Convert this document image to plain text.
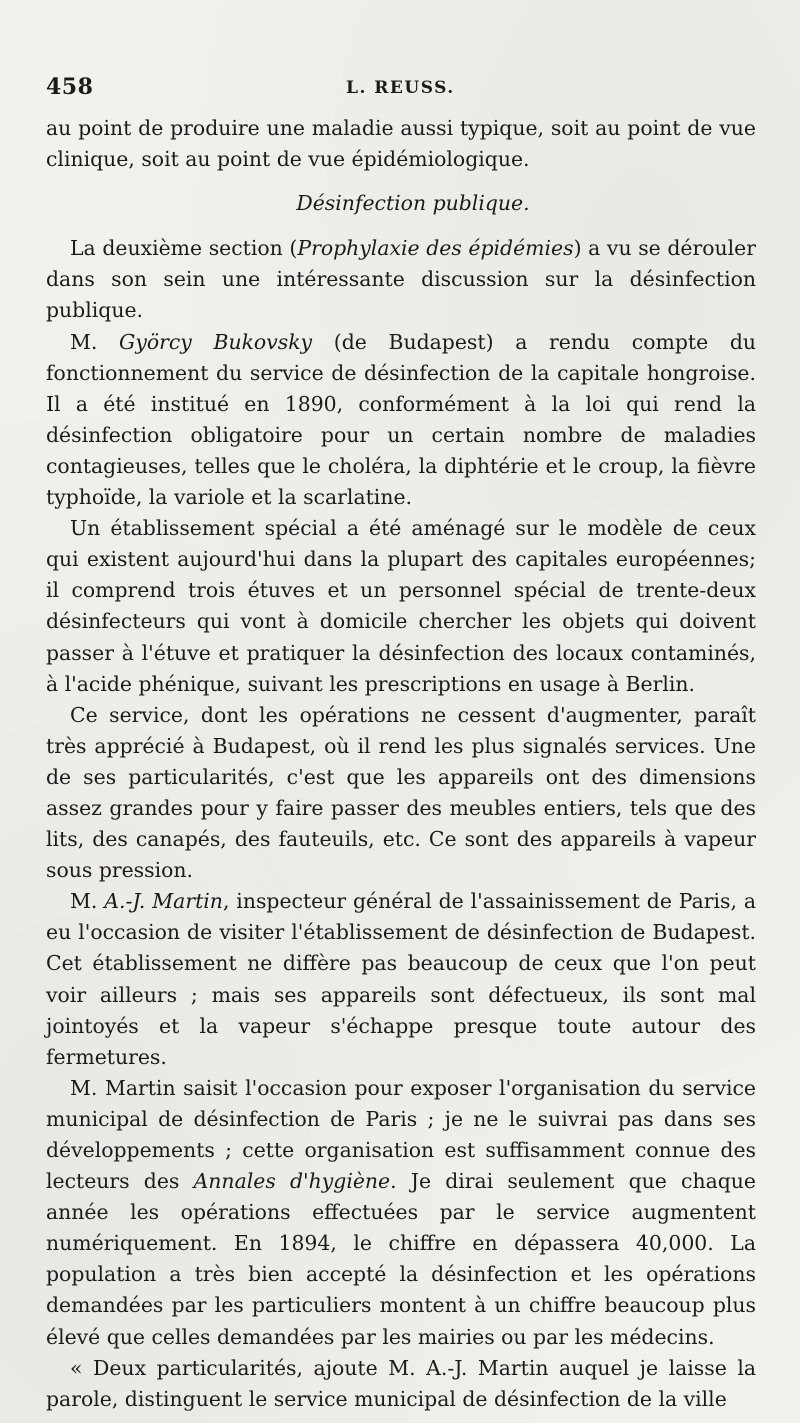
458	L. REUSS.

au point de produire une maladie aussi typique, soit au point de vue clinique, soit au point de vue épidémiologique.

Désinfection publique.

La deuxième section (Prophylaxie des épidémies) a vu se dérouler dans son sein une intéressante discussion sur la désinfection publique.

M. Györcy Bukovsky (de Budapest) a rendu compte du fonctionnement du service de désinfection de la capitale hongroise. Il a été institué en 1890, conformément à la loi qui rend la désinfection obligatoire pour un certain nombre de maladies contagieuses, telles que le choléra, la diphtérie et le croup, la fièvre typhoïde, la variole et la scarlatine.

Un établissement spécial a été aménagé sur le modèle de ceux qui existent aujourd'hui dans la plupart des capitales européennes; il comprend trois étuves et un personnel spécial de trente-deux désinfecteurs qui vont à domicile chercher les objets qui doivent passer à l'étuve et pratiquer la désinfection des locaux contaminés, à l'acide phénique, suivant les prescriptions en usage à Berlin.

Ce service, dont les opérations ne cessent d'augmenter, paraît très apprécié à Budapest, où il rend les plus signalés services. Une de ses particularités, c'est que les appareils ont des dimensions assez grandes pour y faire passer des meubles entiers, tels que des lits, des canapés, des fauteuils, etc. Ce sont des appareils à vapeur sous pression.

M. A.-J. Martin, inspecteur général de l'assainissement de Paris, a eu l'occasion de visiter l'établissement de désinfection de Budapest. Cet établissement ne diffère pas beaucoup de ceux que l'on peut voir ailleurs ; mais ses appareils sont défectueux, ils sont mal jointoyés et la vapeur s'échappe presque toute autour des fermetures.

M. Martin saisit l'occasion pour exposer l'organisation du service municipal de désinfection de Paris ; je ne le suivrai pas dans ses développements ; cette organisation est suffisamment connue des lecteurs des Annales d'hygiène. Je dirai seulement que chaque année les opérations effectuées par le service augmentent numériquement. En 1894, le chiffre en dépassera 40,000. La population a très bien accepté la désinfection et les opérations demandées par les particuliers montent à un chiffre beaucoup plus élevé que celles demandées par les mairies ou par les médecins.

« Deux particularités, ajoute M. A.-J. Martin auquel je laisse la parole, distinguent le service municipal de désinfection de la ville
